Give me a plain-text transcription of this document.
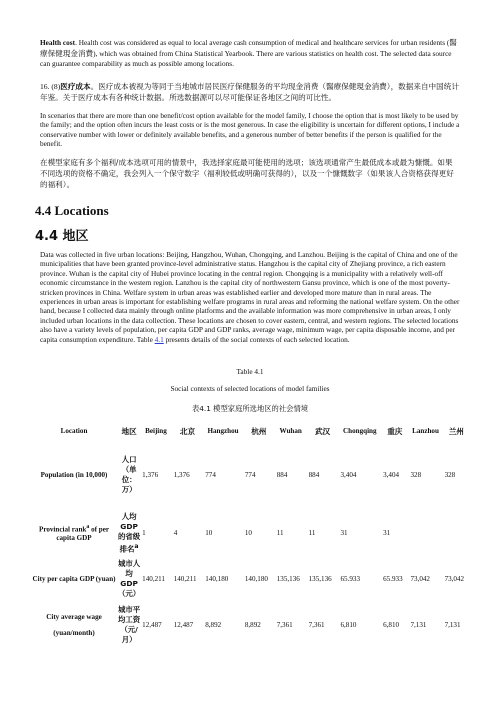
Health cost. Health cost was considered as equal to local average cash consumption of medical and healthcare services for urban residents (醫療保健現金消費), which was obtained from China Statistical Yearbook. There are various statistics on health cost. The selected data source can guarantee comparability as much as possible among locations.
16. (8)医疗成本。医疗成本被视为等同于当地城市居民医疗保健服务的平均现金消费（醫療保健現金消費），数据来自中国统计年鉴。关于医疗成本有各种统计数据。所选数据源可以尽可能保证各地区之间的可比性。
In scenarios that there are more than one benefit/cost option available for the model family, I choose the option that is most likely to be used by the family; and the option often incurs the least costs or is the most generous. In case the eligibility is uncertain for different options, I include a conservative number with lower or definitely available benefits, and a generous number of better benefits if the person is qualified for the benefit.
在模型家庭有多个福利/成本选项可用的情景中，我选择家庭最可能使用的选项；该选项通常产生最低成本或最为慷慨。如果不同选项的资格不确定，我会列入一个保守数字（福利较低或明确可获得的），以及一个慷慨数字（如果该人合资格获得更好的福利）。
4.4 Locations
4.4 地区
Data was collected in five urban locations: Beijing, Hangzhou, Wuhan, Chongqing, and Lanzhou. Beijing is the capital of China and one of the municipalities that have been granted province-level administrative status. Hangzhou is the capital city of Zhejiang province, a rich eastern province. Wuhan is the capital city of Hubei province locating in the central region. Chongqing is a municipality with a relatively well-off economic circumstance in the western region. Lanzhou is the capital city of northwestern Gansu province, which is one of the most poverty-stricken provinces in China. Welfare system in urban areas was established earlier and developed more mature than in rural areas. The experiences in urban areas is important for establishing welfare programs in rural areas and reforming the national welfare system. On the other hand, because I collected data mainly through online platforms and the available information was more comprehensive in urban areas, I only included urban locations in the data collection. These locations are chosen to cover eastern, central, and western regions. The selected locations also have a variety levels of population, per capita GDP and GDP ranks, average wage, minimum wage, per capita disposable income, and per capita consumption expenditure. Table 4.1 presents details of the social contexts of each selected location.
Table 4.1
Social contexts of selected locations of model families
表4.1 模型家庭所选地区的社会情境
Location	地区	Beijing	北京	Hangzhou	杭州	Wuhan	武汉	Chongqing	重庆	Lanzhou	兰州
Population (in 10,000)	人口（单位：万）	1,376	1,376	774	774	884	884	3,404	3,404	328	328
Provincial rank$^a$ of per capita GDP	人均GDP的省级排名$^a$	1	4	10	10	11	11	31	31		
City per capita GDP (yuan)	城市人均GDP（元）	140,211	140,211	140,180	140,180	135,136	135,136	65.933	65.933	73,042	73,042
City average wage

(yuan/month)	城市平均工资（元/月）	12,487	12,487	8,892	8,892	7,361	7,361	6,810	6,810	7,131	7,131
